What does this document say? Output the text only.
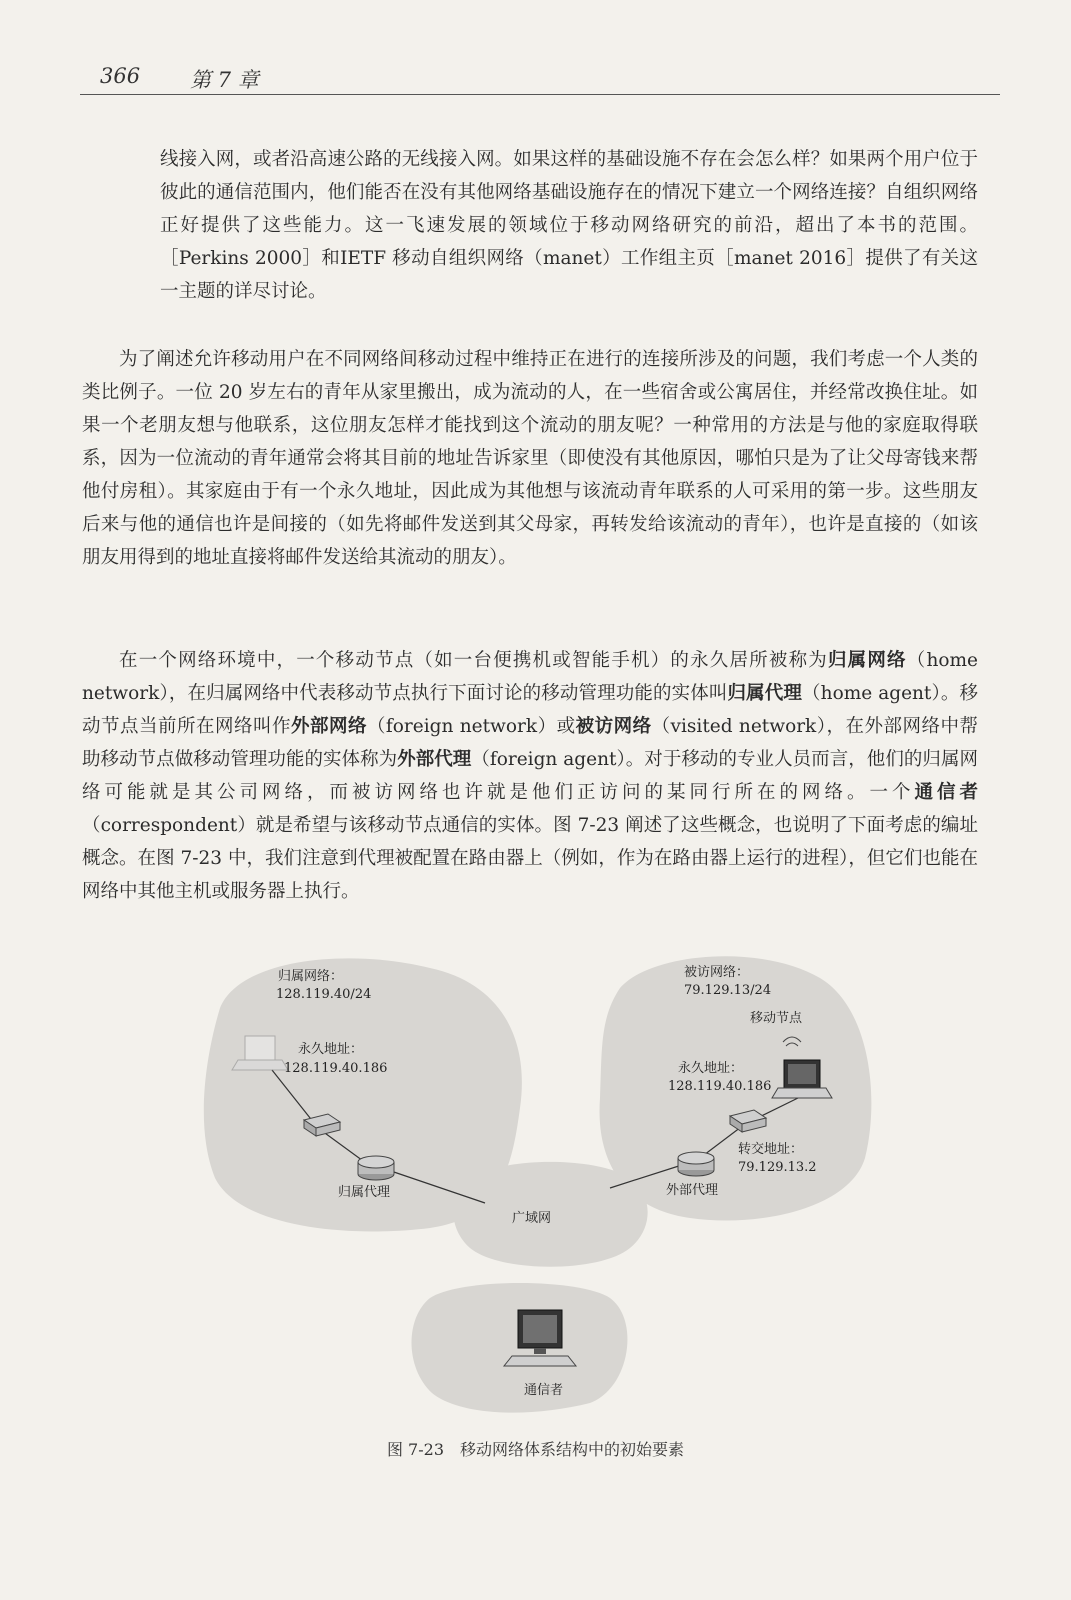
366 第 7 章
线接入网，或者沿高速公路的无线接入网。如果这样的基础设施不存在会怎么样？如果两个用户位于彼此的通信范围内，他们能否在没有其他网络基础设施存在的情况下建立一个网络连接？自组织网络正好提供了这些能力。这一飞速发展的领域位于移动网络研究的前沿，超出了本书的范围。［Perkins 2000］和IETF 移动自组织网络（manet）工作组主页［manet 2016］提供了有关这一主题的详尽讨论。
为了阐述允许移动用户在不同网络间移动过程中维持正在进行的连接所涉及的问题，我们考虑一个人类的类比例子。一位 20 岁左右的青年从家里搬出，成为流动的人，在一些宿舍或公寓居住，并经常改换住址。如果一个老朋友想与他联系，这位朋友怎样才能找到这个流动的朋友呢？一种常用的方法是与他的家庭取得联系，因为一位流动的青年通常会将其目前的地址告诉家里（即使没有其他原因，哪怕只是为了让父母寄钱来帮他付房租）。其家庭由于有一个永久地址，因此成为其他想与该流动青年联系的人可采用的第一步。这些朋友后来与他的通信也许是间接的（如先将邮件发送到其父母家，再转发给该流动的青年），也许是直接的（如该朋友用得到的地址直接将邮件发送给其流动的朋友）。
在一个网络环境中，一个移动节点（如一台便携机或智能手机）的永久居所被称为归属网络（home network），在归属网络中代表移动节点执行下面讨论的移动管理功能的实体叫归属代理（home agent）。移动节点当前所在网络叫作外部网络（foreign network）或被访网络（visited network），在外部网络中帮助移动节点做移动管理功能的实体称为外部代理（foreign agent）。对于移动的专业人员而言，他们的归属网络可能就是其公司网络，而被访网络也许就是他们正访问的某同行所在的网络。一个通信者（correspondent）就是希望与该移动节点通信的实体。图 7-23 阐述了这些概念，也说明了下面考虑的编址概念。在图 7-23 中，我们注意到代理被配置在路由器上（例如，作为在路由器上运行的进程），但它们也能在网络中其他主机或服务器上执行。
归属网络：
128.119.40/24
永久地址：
128.119.40.186
归属代理
广域网
被访网络：
79.129.13/24
移动节点
永久地址：
128.119.40.186
转交地址：
79.129.13.2
外部代理
通信者
图 7-23　移动网络体系结构中的初始要素
